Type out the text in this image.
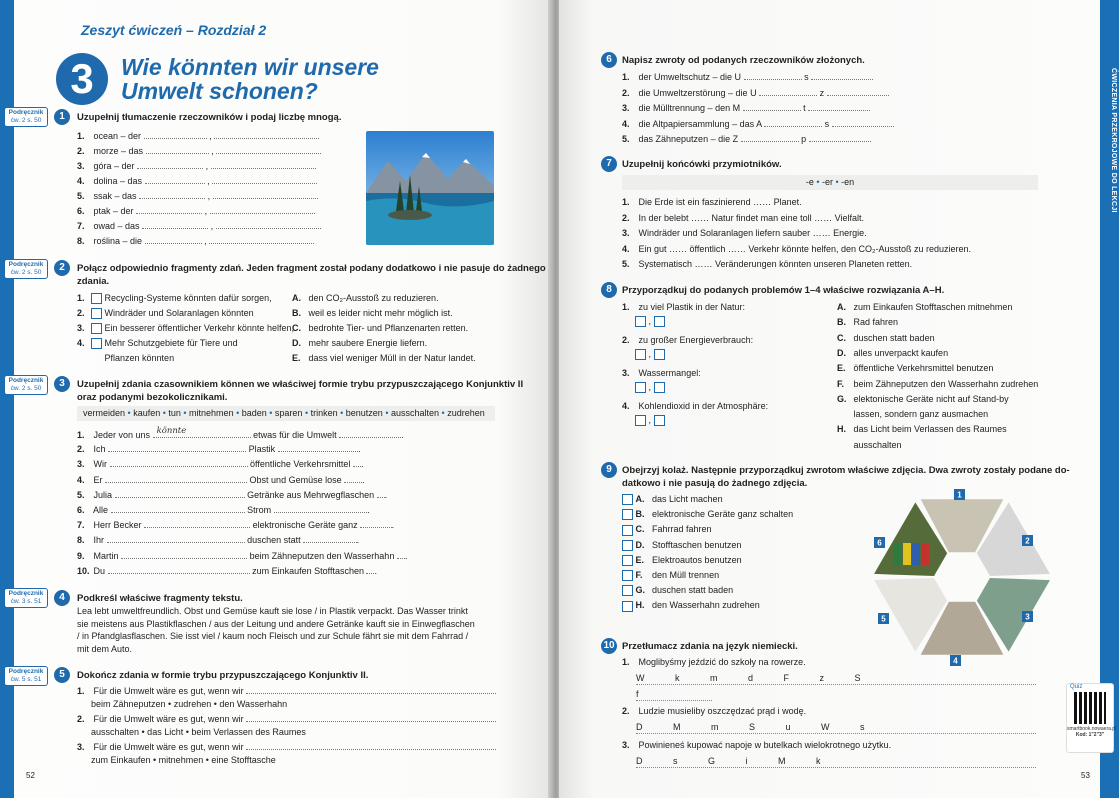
Zeszyt ćwiczeń – Rozdział 2
3	Wie könnten wir unsere
Umwelt schonen?
Podręcznik
ćw. 2 s. 50	1	Uzupełnij tłumaczenie rzeczowników i podaj liczbę mnogą.
1. ocean – der	,
2. morze – das	,
3. góra – der	,
4. dolina – das	,
5. ssak – das	,
6. ptak – der	,
7. owad – das	,
8. roślina – die	,
Podręcznik
ćw. 2 s. 50	2	Połącz odpowiednio fragmenty zdań. Jeden fragment został podany dodatkowo i nie pasuje do żadnego
zdania.
1. Recycling-Systeme könnten dafür sorgen,
2. Windräder und Solaranlagen könnten
3. Ein besserer öffentlicher Verkehr könnte helfen,
4. Mehr Schutzgebiete für Tiere und
Pflanzen könnten
A. den CO₂-Ausstoß zu reduzieren.
B. weil es leider nicht mehr möglich ist.
C. bedrohte Tier- und Pflanzenarten retten.
D. mehr saubere Energie liefern.
E. dass viel weniger Müll in der Natur landet.
Podręcznik
ćw. 2 s. 50	3	Uzupełnij zdania czasownikiem können we właściwej formie trybu przypuszczającego Konjunktiv II
oraz podanymi bezokolicznikami.
vermeiden • kaufen • tun • mitnehmen • baden • sparen • trinken • benutzen • ausschalten • zudrehen
1. Jeder von uns könnte	etwas für die Umwelt	.
2. Ich	Plastik	.
3. Wir	öffentliche Verkehrsmittel .
4. Er	Obst und Gemüse lose .
5. Julia	Getränke aus Mehrwegflaschen .
6. Alle	Strom	.
7. Herr Becker	elektronische Geräte ganz	.
8. Ihr	duschen statt	.
9. Martin	beim Zähneputzen den Wasserhahn .
10. Du	zum Einkaufen Stofftaschen .
Podręcznik
ćw. 3 s. 51	4	Podkreśl właściwe fragmenty tekstu.
Lea lebt umweltfreundlich. Obst und Gemüse kauft sie lose / in Plastik verpackt. Das Wasser trinkt
sie meistens aus Plastikflaschen / aus der Leitung und andere Getränke kauft sie in Einwegflaschen
/ in Pfandglasflaschen. Sie isst viel / kaum noch Fleisch und zur Schule fährt sie mit dem Fahrrad /
mit dem Auto.
Podręcznik
ćw. 5 s. 51	5	Dokończ zdania w formie trybu przypuszczającego Konjunktiv II.
1. Für die Umwelt wäre es gut, wenn wir
beim Zähneputzen • zudrehen • den Wasserhahn
2. Für die Umwelt wäre es gut, wenn wir
ausschalten • das Licht • beim Verlassen des Raumes
3. Für die Umwelt wäre es gut, wenn wir
zum Einkaufen • mitnehmen • eine Stofftasche
52
6	Napisz zwroty od podanych rzeczowników złożonych.
1. der Umweltschutz – die U	s
2. die Umweltzerstörung – die U	z
3. die Mülltrennung – den M	t
4. die Altpapiersammlung – das A	s
5. das Zähneputzen – die Z	p
7	Uzupełnij końcówki przymiotników.
-e • -er • -en
1. Die Erde ist ein faszinierend …… Planet.
2. In der belebt …… Natur findet man eine toll …… Vielfalt.
3. Windräder und Solaranlagen liefern sauber …… Energie.
4. Ein gut …… öffentlich …… Verkehr könnte helfen, den CO₂-Ausstoß zu reduzieren.
5. Systematisch …… Veränderungen könnten unseren Planeten retten.
8	Przyporządkuj do podanych problemów 1–4 właściwe rozwiązania A–H.
1. zu viel Plastik in der Natur:
,
2. zu großer Energieverbrauch:
,
3. Wassermangel:
,
4. Kohlendioxid in der Atmosphäre:
,
A. zum Einkaufen Stofftaschen mitnehmen
B. Rad fahren
C. duschen statt baden
D. alles unverpackt kaufen
E. öffentliche Verkehrsmittel benutzen
F. beim Zähneputzen den Wasserhahn zudrehen
G. elektonische Geräte nicht auf Stand-by
lassen, sondern ganz ausmachen
H. das Licht beim Verlassen des Raumes
ausschalten
9	Obejrzyj kolaż. Następnie przyporządkuj zwrotom właściwe zdjęcia. Dwa zwroty zostały podane do-
datkowo i nie pasują do żadnego zdjęcia.
A. das Licht machen
B. elektronische Geräte ganz schalten
C. Fahrrad fahren
D. Stofftaschen benutzen
E. Elektroautos benutzen
F. den Müll trennen
G. duschen statt baden
H. den Wasserhahn zudrehen
10 Przetłumacz zdania na język niemiecki.
1. Moglibyśmy jeździć do szkoły na rowerze.
W k m d F z S
f
2. Ludzie musieliby oszczędzać prąd i wodę.
D M m S u W s
3. Powinieneś kupować napoje w butelkach wielokrotnego użytku.
D s G i M k
53
1
2
3
4
5
6
ĆWICZENIA PRZEKROJOWE DO LEKCJI
Quiz
smartbook.nowaera.pl
Kod: 1"2"3"
